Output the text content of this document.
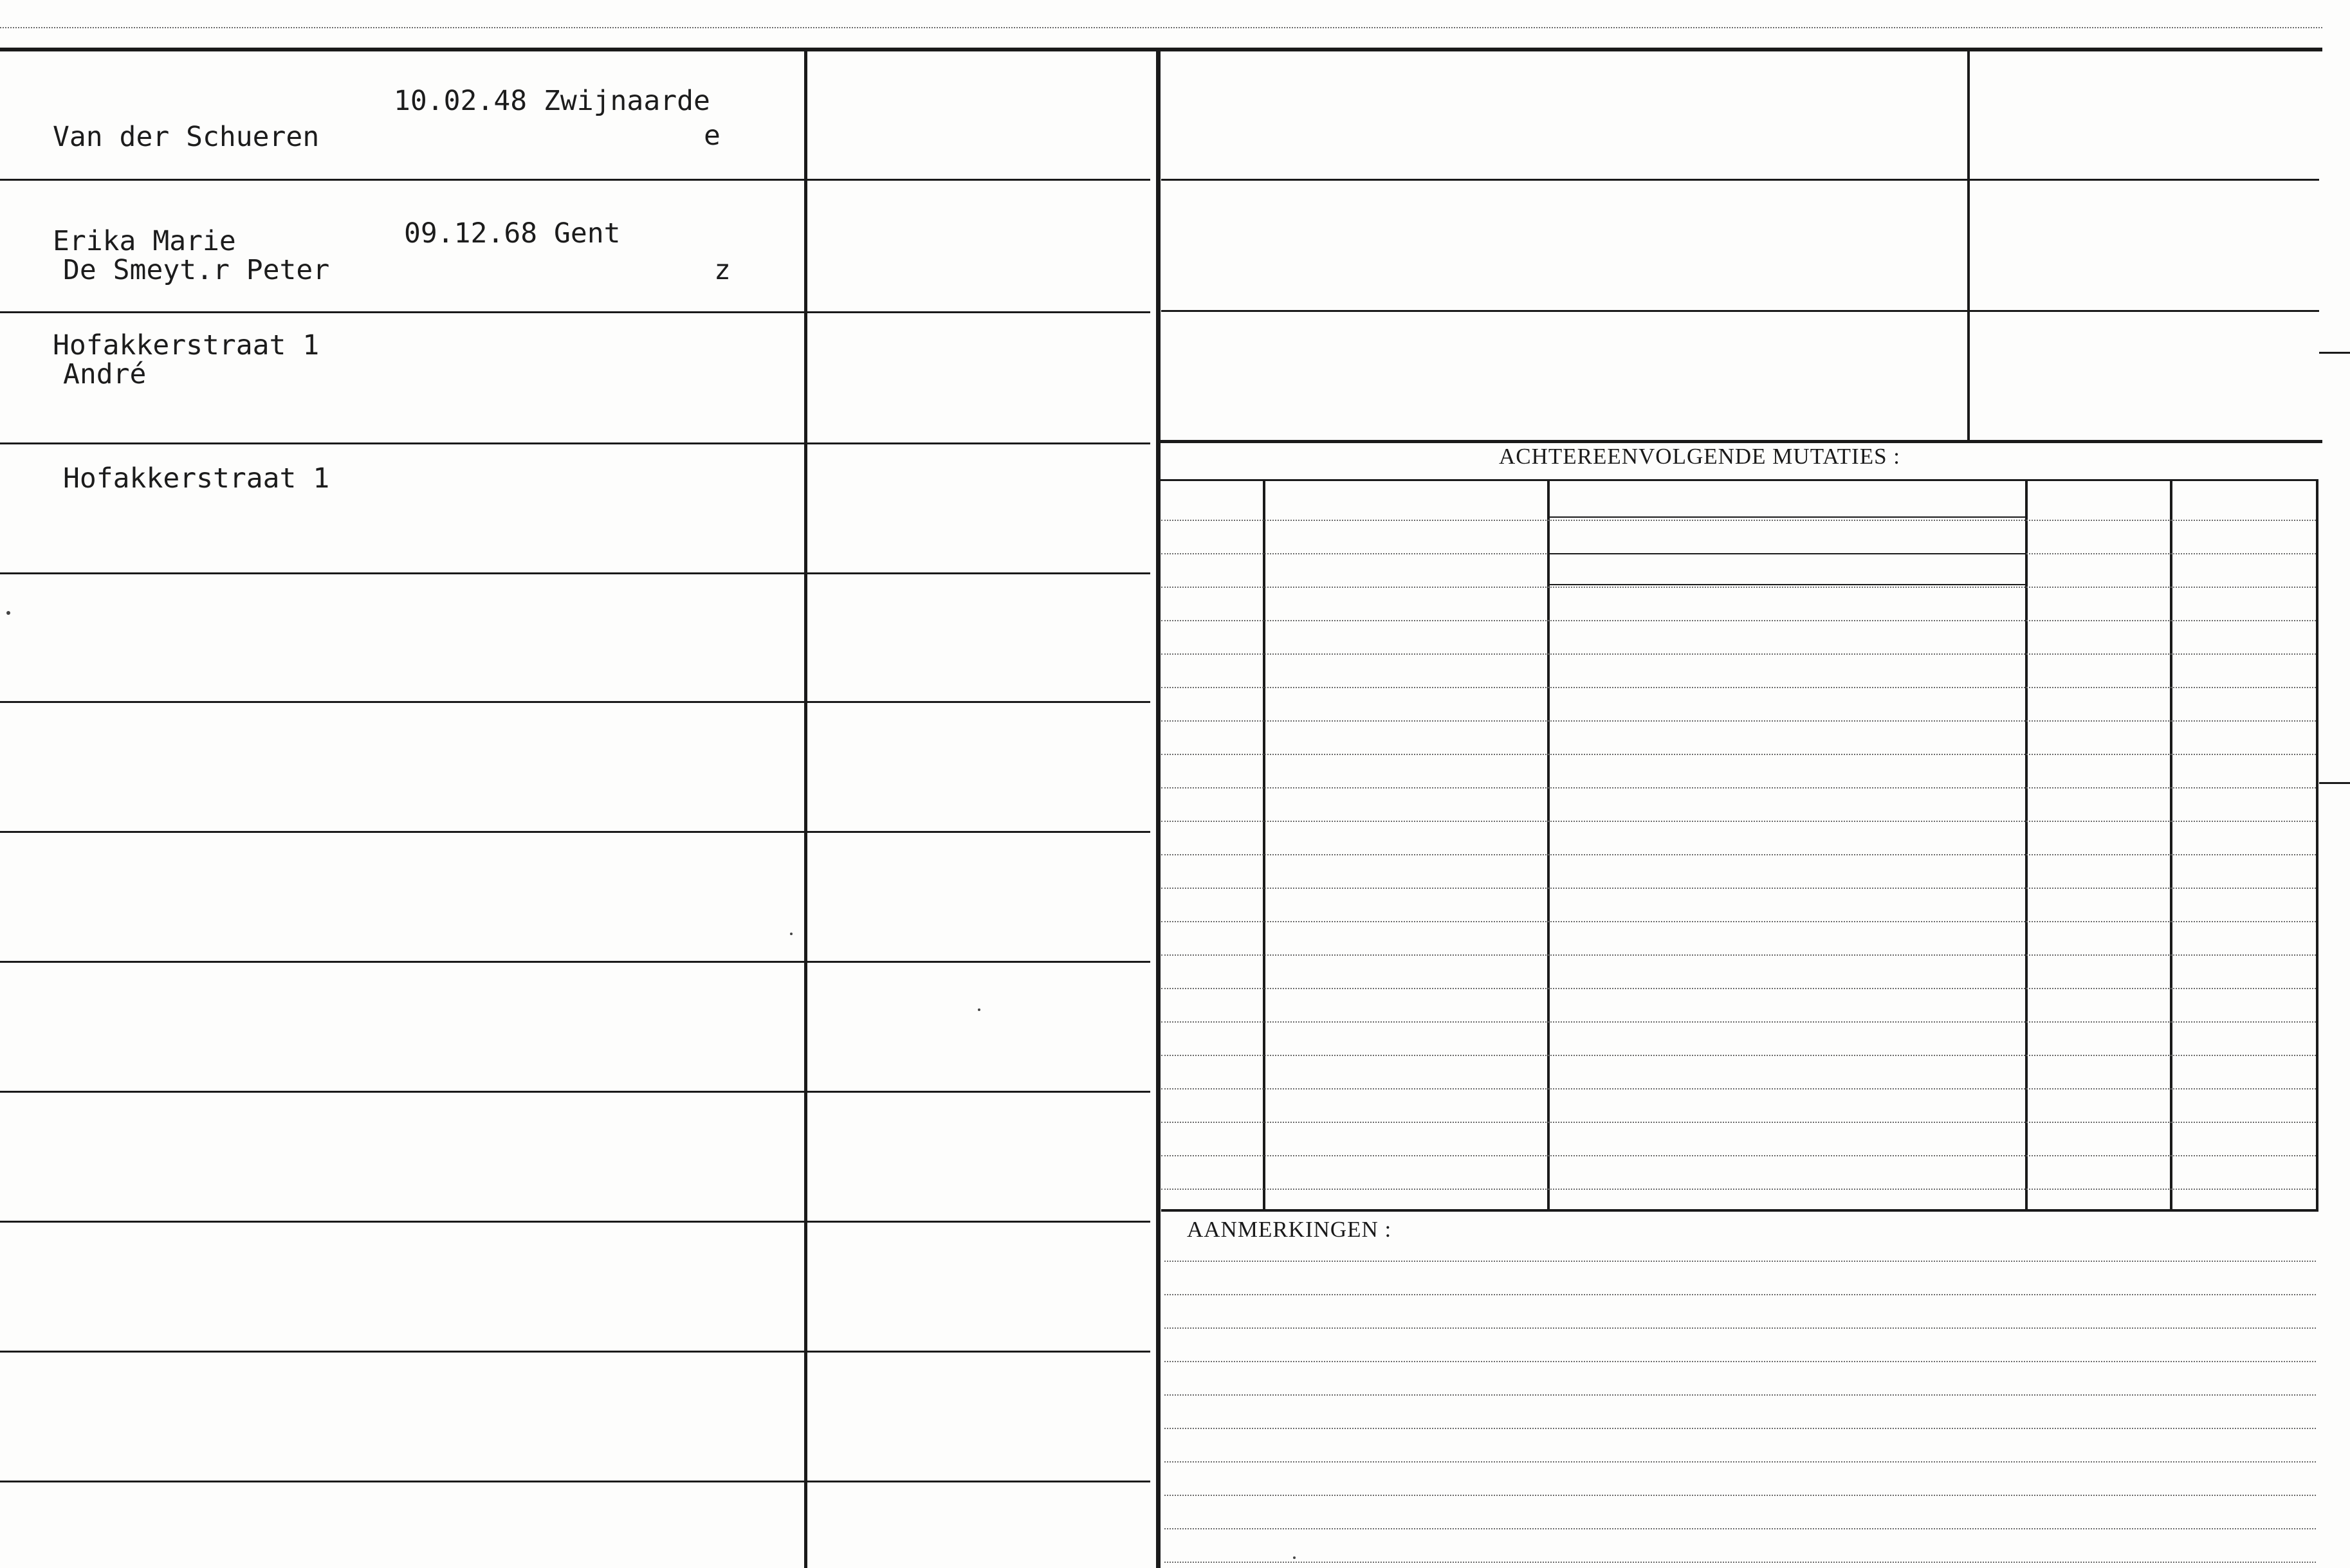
Van der Schueren

Erika Marie

Hofakkerstraat 1

10.02.48 Zwijnaarde
e

De Smeyt.r Peter

André

Hofakkerstraat 1

09.12.68 Gent
z
ACHTEREENVOLGENDE MUTATIES :
AANMERKINGEN :
